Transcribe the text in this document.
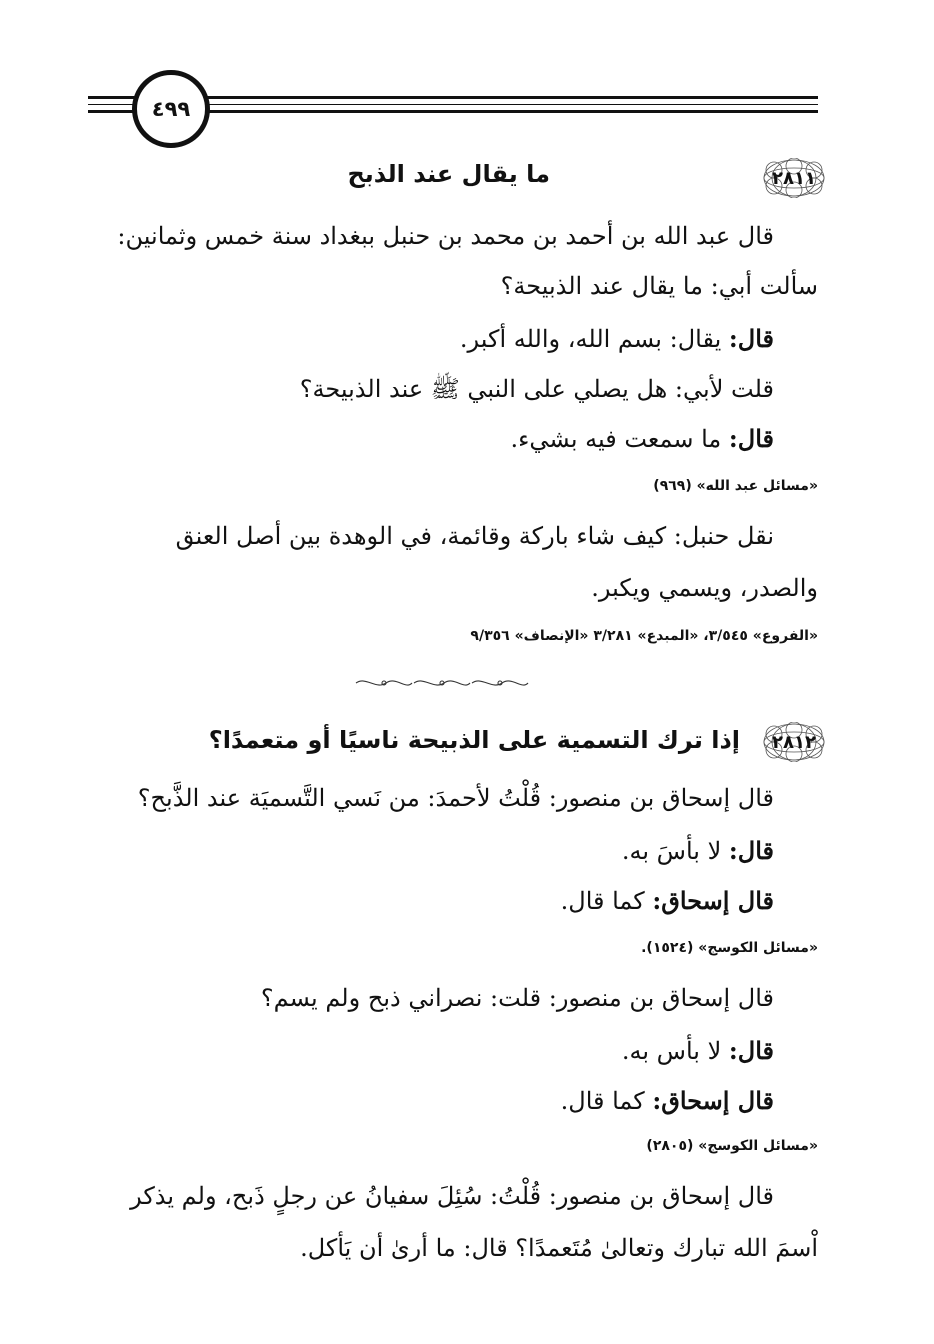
٤٩٩
٢٨١١
ما يقال عند الذبح
قال عبد الله بن أحمد بن محمد بن حنبل ببغداد سنة خمس وثمانين:
سألت أبي: ما يقال عند الذبيحة؟
قال: يقال: بسم الله، والله أكبر.
قلت لأبي: هل يصلي على النبي ﷺ عند الذبيحة؟
قال: ما سمعت فيه بشيء.
«مسائل عبد الله» (٩٦٩)
نقل حنبل: كيف شاء باركة وقائمة، في الوهدة بين أصل العنق
والصدر، ويسمي ويكبر.
«الفروع» ٣/٥٤٥، «المبدع» ٣/٢٨١ «الإنصاف» ٩/٣٥٦
٢٨١٢
إذا ترك التسمية على الذبيحة ناسيًا أو متعمدًا؟
قال إسحاق بن منصور: قُلْتُ لأحمدَ: من نَسي التَّسميَة عند الذَّبح؟
قال: لا بأسَ به.
قال إسحاق: كما قال.
«مسائل الكوسج» (١٥٢٤).
قال إسحاق بن منصور: قلت: نصراني ذبح ولم يسم؟
قال: لا بأس به.
قال إسحاق: كما قال.
«مسائل الكوسج» (٢٨٠٥)
قال إسحاق بن منصور: قُلْتُ: سُئِلَ سفيانُ عن رجلٍ ذَبح، ولم يذكر
اْسمَ الله تبارك وتعالىٰ مُتَعمدًا؟ قال: ما أرىٰ أن يَأكل.
